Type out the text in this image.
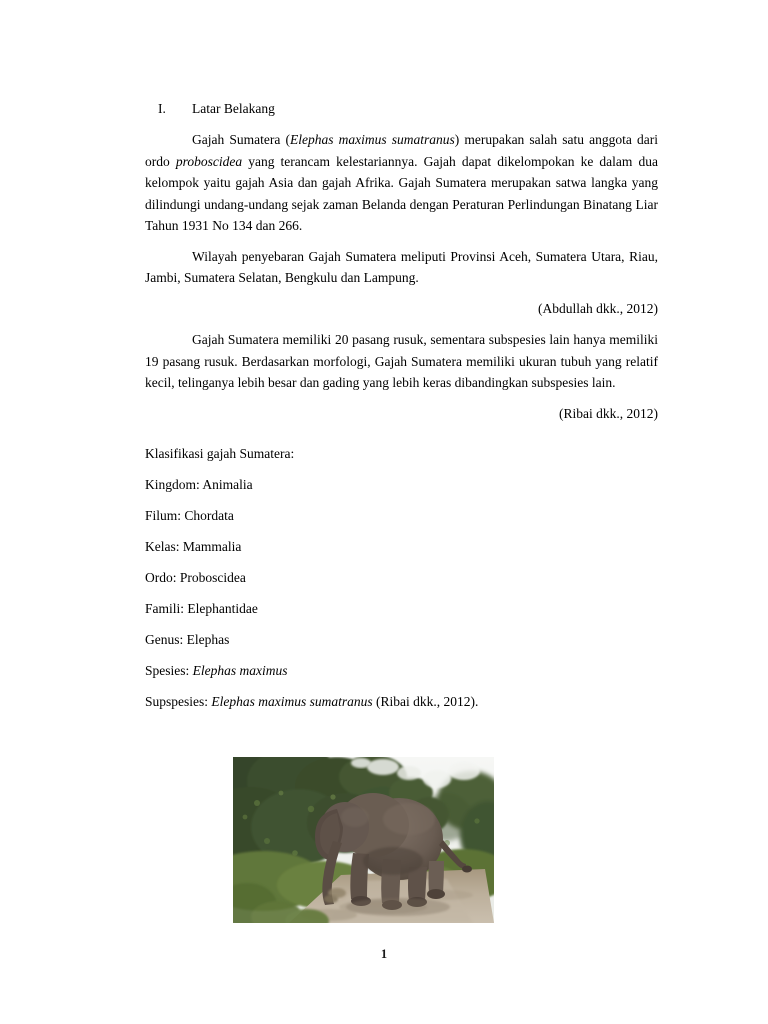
I. Latar Belakang

Gajah Sumatera (Elephas maximus sumatranus) merupakan salah satu anggota dari ordo proboscidea yang terancam kelestariannya. Gajah dapat dikelompokan ke dalam dua kelompok yaitu gajah Asia dan gajah Afrika. Gajah Sumatera merupakan satwa langka yang dilindungi undang-undang sejak zaman Belanda dengan Peraturan Perlindungan Binatang Liar Tahun 1931 No 134 dan 266.

Wilayah penyebaran Gajah Sumatera meliputi Provinsi Aceh, Sumatera Utara, Riau, Jambi, Sumatera Selatan, Bengkulu dan Lampung.

(Abdullah dkk., 2012)

Gajah Sumatera memiliki 20 pasang rusuk, sementara subspesies lain hanya memiliki 19 pasang rusuk. Berdasarkan morfologi, Gajah Sumatera memiliki ukuran tubuh yang relatif kecil, telinganya lebih besar dan gading yang lebih keras dibandingkan subspesies lain.

(Ribai dkk., 2012)
Klasifikasi gajah Sumatera:
Kingdom: Animalia
Filum: Chordata
Kelas: Mammalia
Ordo: Proboscidea
Famili: Elephantidae
Genus: Elephas
Spesies: Elephas maximus
Supspesies: Elephas maximus sumatranus (Ribai dkk., 2012).
1
